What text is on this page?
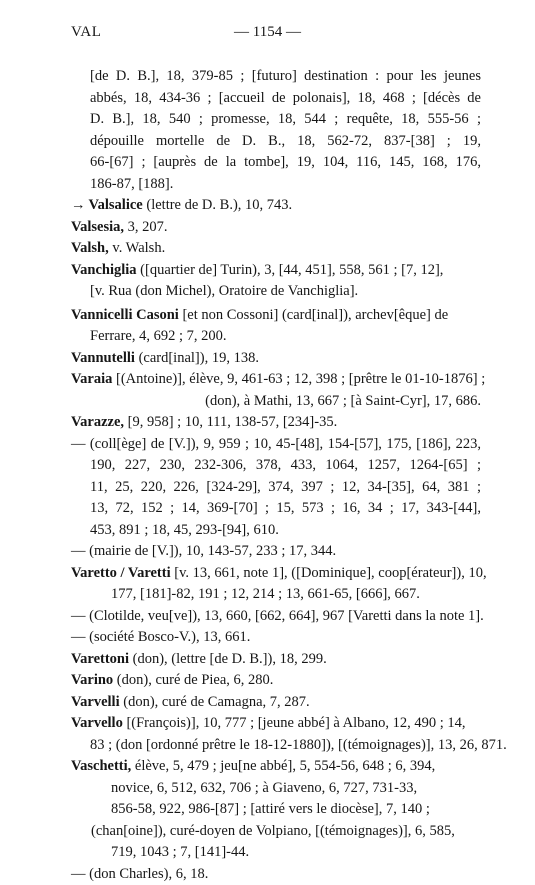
VAL	— 1154 —
[de D. B.], 18, 379-85 ; [futuro] destination : pour les jeunes
abbés, 18, 434-36 ; [accueil de polonais], 18, 468 ; [décès de
D. B.], 18, 540 ; promesse, 18, 544 ; requête, 18, 555-56 ;
dépouille mortelle de D. B., 18, 562-72, 837-[38] ; 19,
66-[67] ; [auprès de la tombe], 19, 104, 116, 145, 168, 176,
186-87, [188].
→ Valsalice (lettre de D. B.), 10, 743.
Valsesia, 3, 207.
Valsh, v. Walsh.
Vanchiglia ([quartier de] Turin), 3, [44, 451], 558, 561 ; [7, 12],
[v. Rua (don Michel), Oratoire de Vanchiglia].
Vannicelli Casoni [et non Cossoni] (card[inal]), archev[êque] de
Ferrare, 4, 692 ; 7, 200.
Vannutelli (card[inal]), 19, 138.
Varaia [(Antoine)], élève, 9, 461-63 ; 12, 398 ; [prêtre le 01-10-1876] ;
(don), à Mathi, 13, 667 ; [à Saint-Cyr], 17, 686.
Varazze, [9, 958] ; 10, 111, 138-57, [234]-35.
— (coll[ège] de [V.]), 9, 959 ; 10, 45-[48], 154-[57], 175, [186], 223,
190, 227, 230, 232-306, 378, 433, 1064, 1257, 1264-[65] ;
11, 25, 220, 226, [324-29], 374, 397 ; 12, 34-[35], 64, 381 ;
13, 72, 152 ; 14, 369-[70] ; 15, 573 ; 16, 34 ; 17, 343-[44],
453, 891 ; 18, 45, 293-[94], 610.
— (mairie de [V.]), 10, 143-57, 233 ; 17, 344.
Varetto / Varetti [v. 13, 661, note 1], ([Dominique], coop[érateur]), 10,
177, [181]-82, 191 ; 12, 214 ; 13, 661-65, [666], 667.
— (Clotilde, veu[ve]), 13, 660, [662, 664], 967 [Varetti dans la note 1].
— (société Bosco-V.), 13, 661.
Varettoni (don), (lettre [de D. B.]), 18, 299.
Varino (don), curé de Piea, 6, 280.
Varvelli (don), curé de Camagna, 7, 287.
Varvello [(François)], 10, 777 ; [jeune abbé] à Albano, 12, 490 ; 14,
83 ; (don [ordonné prêtre le 18-12-1880]), [(témoignages)], 13, 26, 871.
Vaschetti, élève, 5, 479 ; jeu[ne abbé], 5, 554-56, 648 ; 6, 394,
novice, 6, 512, 632, 706 ; à Giaveno, 6, 727, 731-33,
856-58, 922, 986-[87] ; [attiré vers le diocèse], 7, 140 ;
(chan[oine]), curé-doyen de Volpiano, [(témoignages)], 6, 585,
719, 1043 ; 7, [141]-44.
— (don Charles), 6, 18.
